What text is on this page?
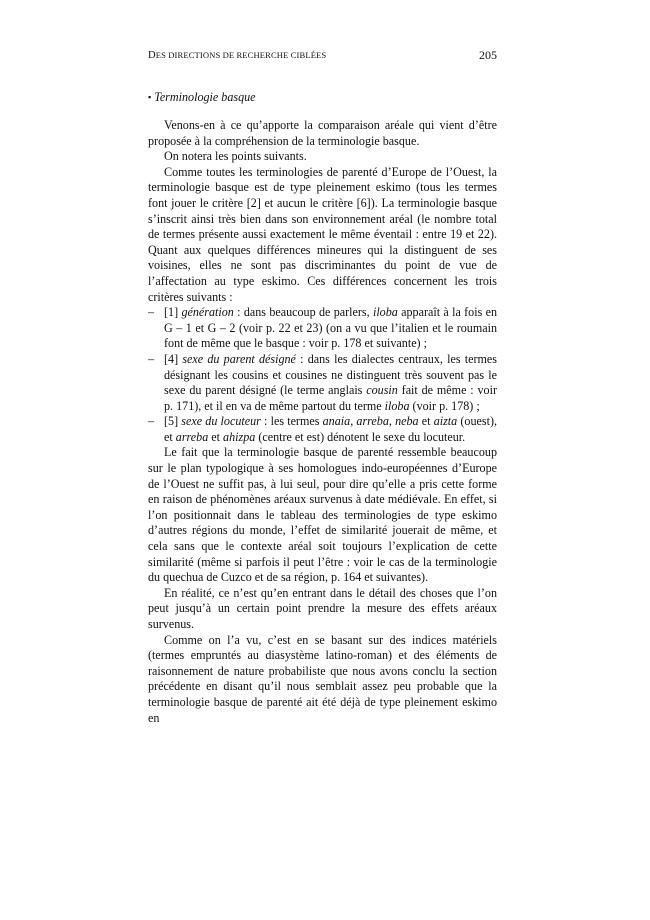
DES DIRECTIONS DE RECHERCHE CIBLÉES	205
▪ Terminologie basque

Venons-en à ce qu’apporte la comparaison aréale qui vient d’être proposée à la compréhension de la terminologie basque.

On notera les points suivants.

Comme toutes les terminologies de parenté d’Europe de l’Ouest, la terminologie basque est de type pleinement eskimo (tous les termes font jouer le critère [2] et aucun le critère [6]). La terminologie basque s’inscrit ainsi très bien dans son environnement aréal (le nombre total de termes présente aussi exactement le même éventail : entre 19 et 22). Quant aux quelques différences mineures qui la distinguent de ses voisines, elles ne sont pas discriminantes du point de vue de l’affectation au type eskimo. Ces différences concernent les trois critères suivants :

– [1] génération : dans beaucoup de parlers, iloba apparaît à la fois en G – 1 et G – 2 (voir p. 22 et 23) (on a vu que l’italien et le roumain font de même que le basque : voir p. 178 et suivante) ;
– [4] sexe du parent désigné : dans les dialectes centraux, les termes désignant les cousins et cousines ne distinguent très souvent pas le sexe du parent désigné (le terme anglais cousin fait de même : voir p. 171), et il en va de même partout du terme iloba (voir p. 178) ;
– [5] sexe du locuteur : les termes anaia, arreba, neba et aizta (ouest), et arreba et ahizpa (centre et est) dénotent le sexe du locuteur.

Le fait que la terminologie basque de parenté ressemble beaucoup sur le plan typologique à ses homologues indo-européennes d’Europe de l’Ouest ne suffit pas, à lui seul, pour dire qu’elle a pris cette forme en raison de phénomènes aréaux survenus à date médiévale. En effet, si l’on positionnait dans le tableau des terminologies de type eskimo d’autres régions du monde, l’effet de similarité jouerait de même, et cela sans que le contexte aréal soit toujours l’explication de cette similarité (même si parfois il peut l’être : voir le cas de la terminologie du quechua de Cuzco et de sa région, p. 164 et suivantes).

En réalité, ce n’est qu’en entrant dans le détail des choses que l’on peut jusqu’à un certain point prendre la mesure des effets aréaux survenus.

Comme on l’a vu, c’est en se basant sur des indices matériels (termes empruntés au diasystème latino-roman) et des éléments de raisonnement de nature probabiliste que nous avons conclu la section précédente en disant qu’il nous semblait assez peu probable que la terminologie basque de parenté ait été déjà de type pleinement eskimo en
